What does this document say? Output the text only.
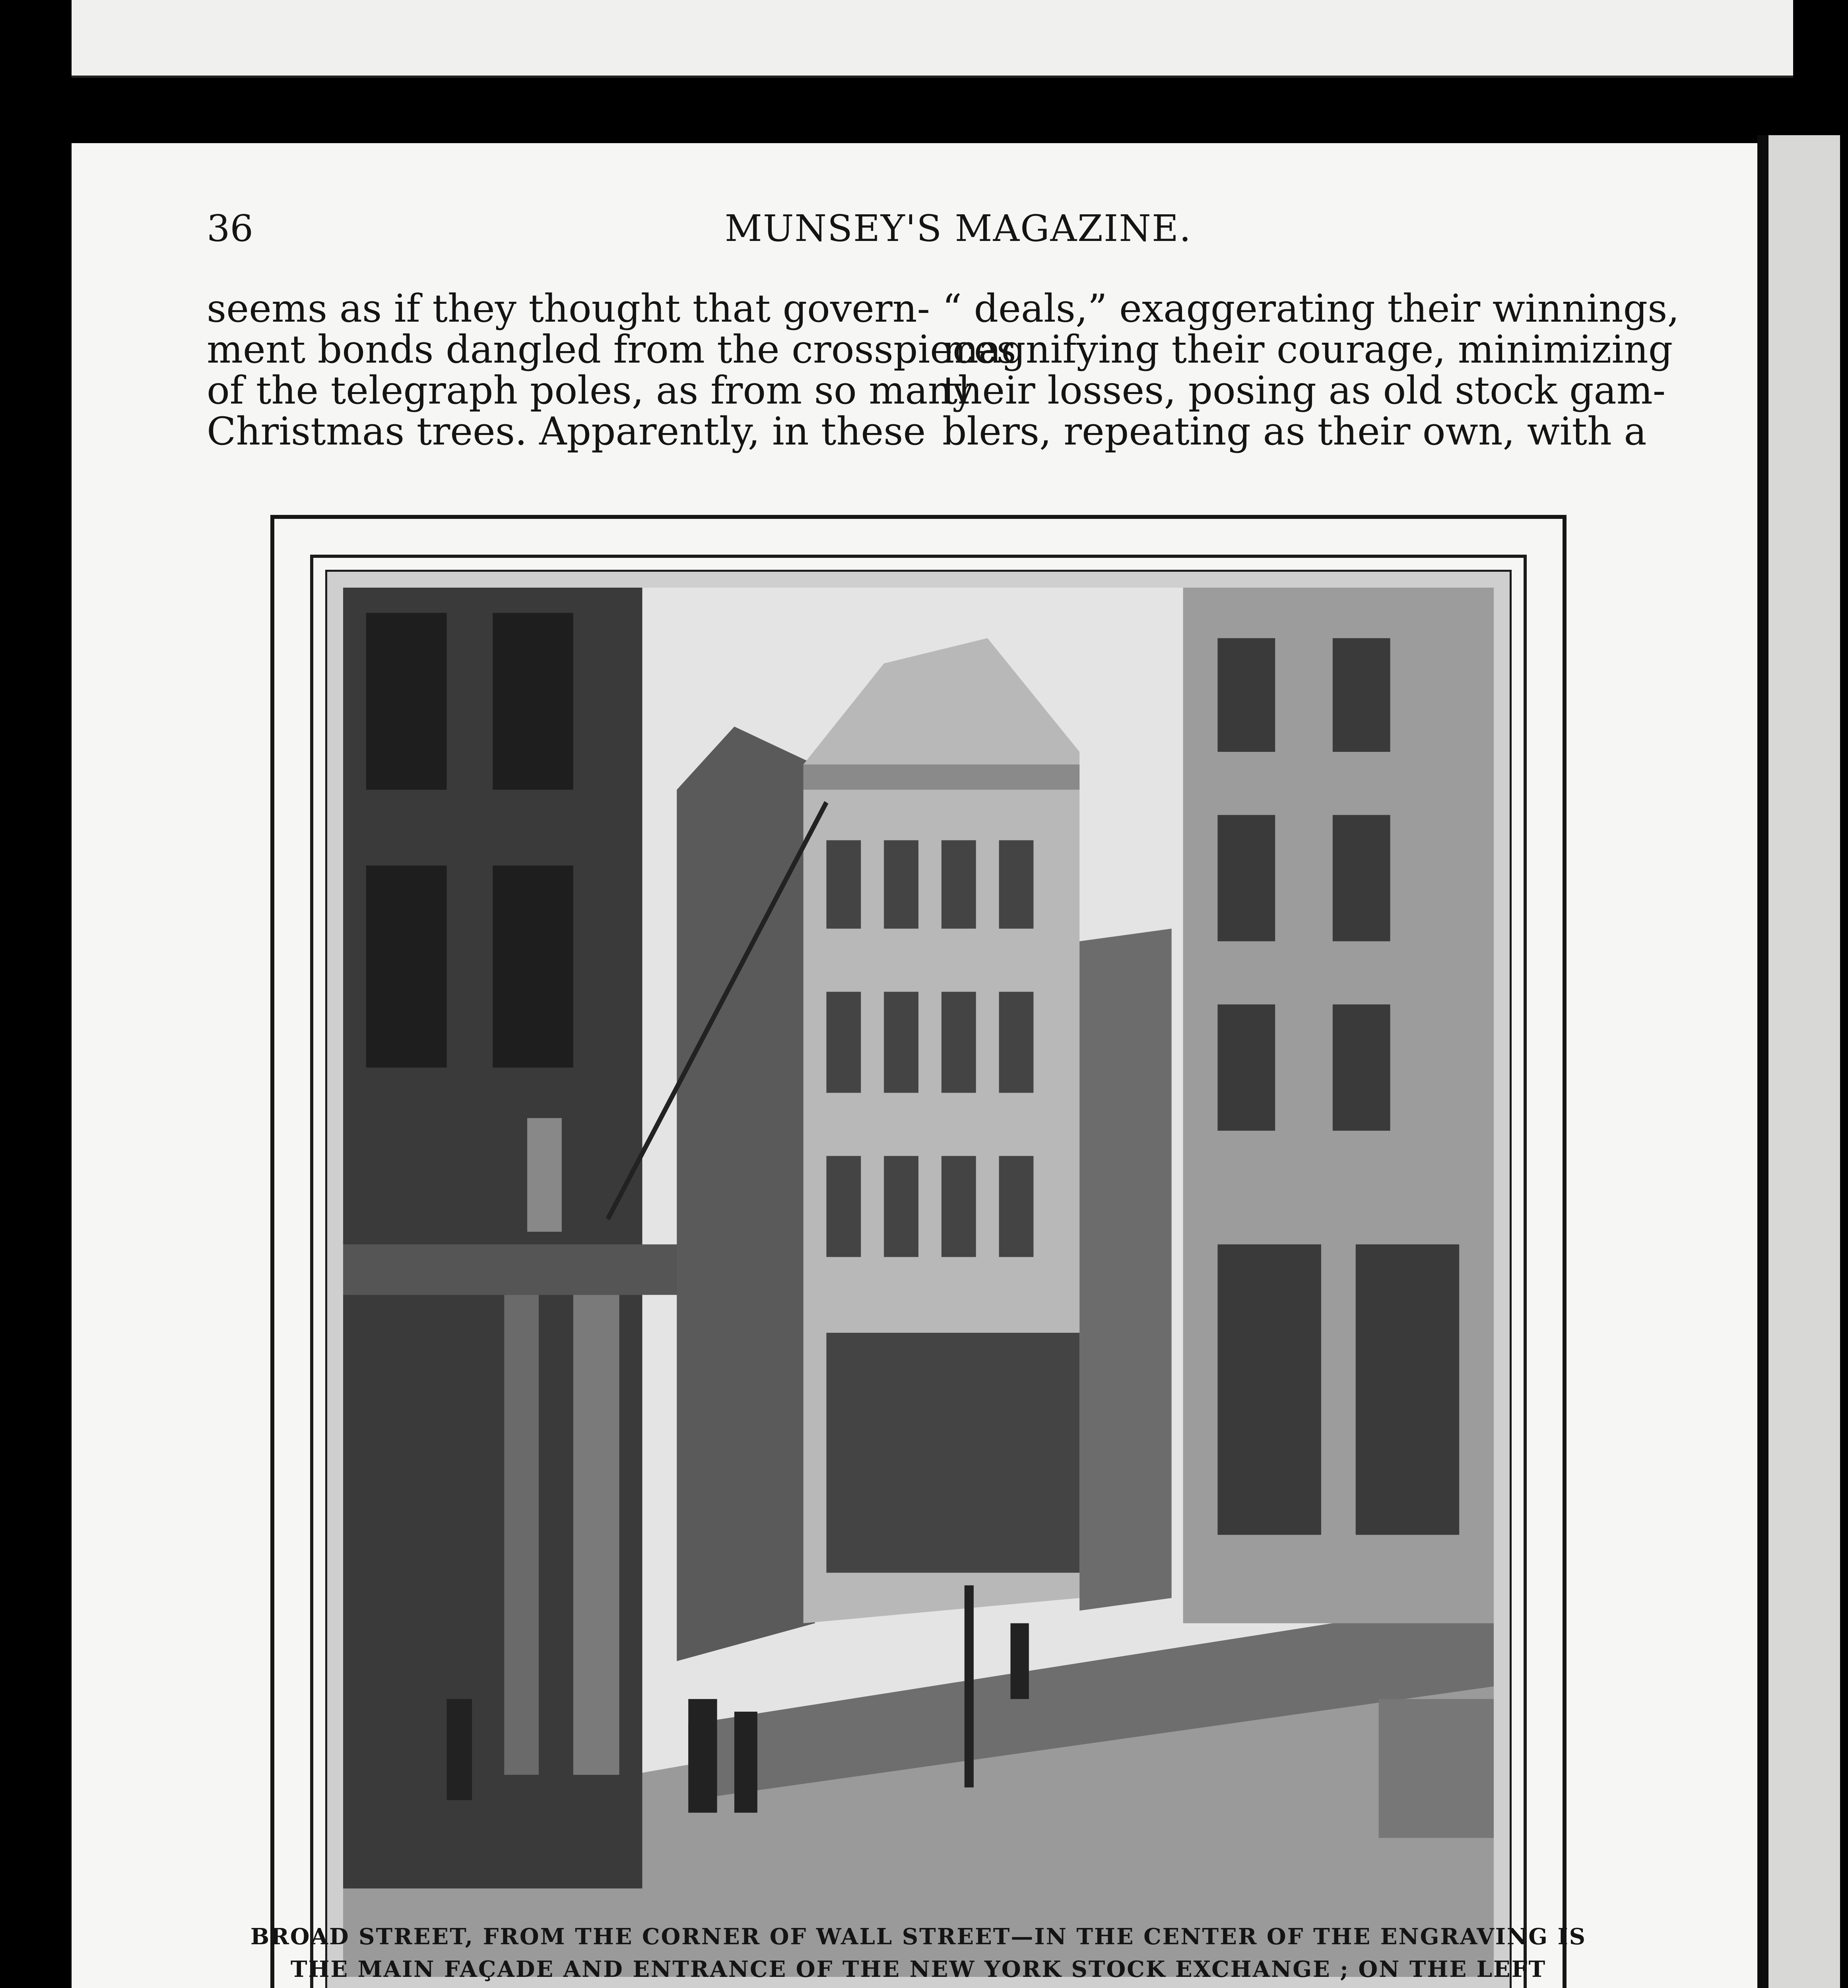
36	MUNSEY'S MAGAZINE.
seems as if they thought that govern-
ment bonds dangled from the crosspieces
of the telegraph poles, as from so many
Christmas trees. Apparently, in these
“ deals,” exaggerating their winnings,
magnifying their courage, minimizing
their losses, posing as old stock gam-
blers, repeating as their own, with a
BROAD STREET, FROM THE CORNER OF WALL STREET—IN THE CENTER OF THE ENGRAVING IS
THE MAIN FAÇADE AND ENTRANCE OF THE NEW YORK STOCK EXCHANGE ; ON THE LEFT
